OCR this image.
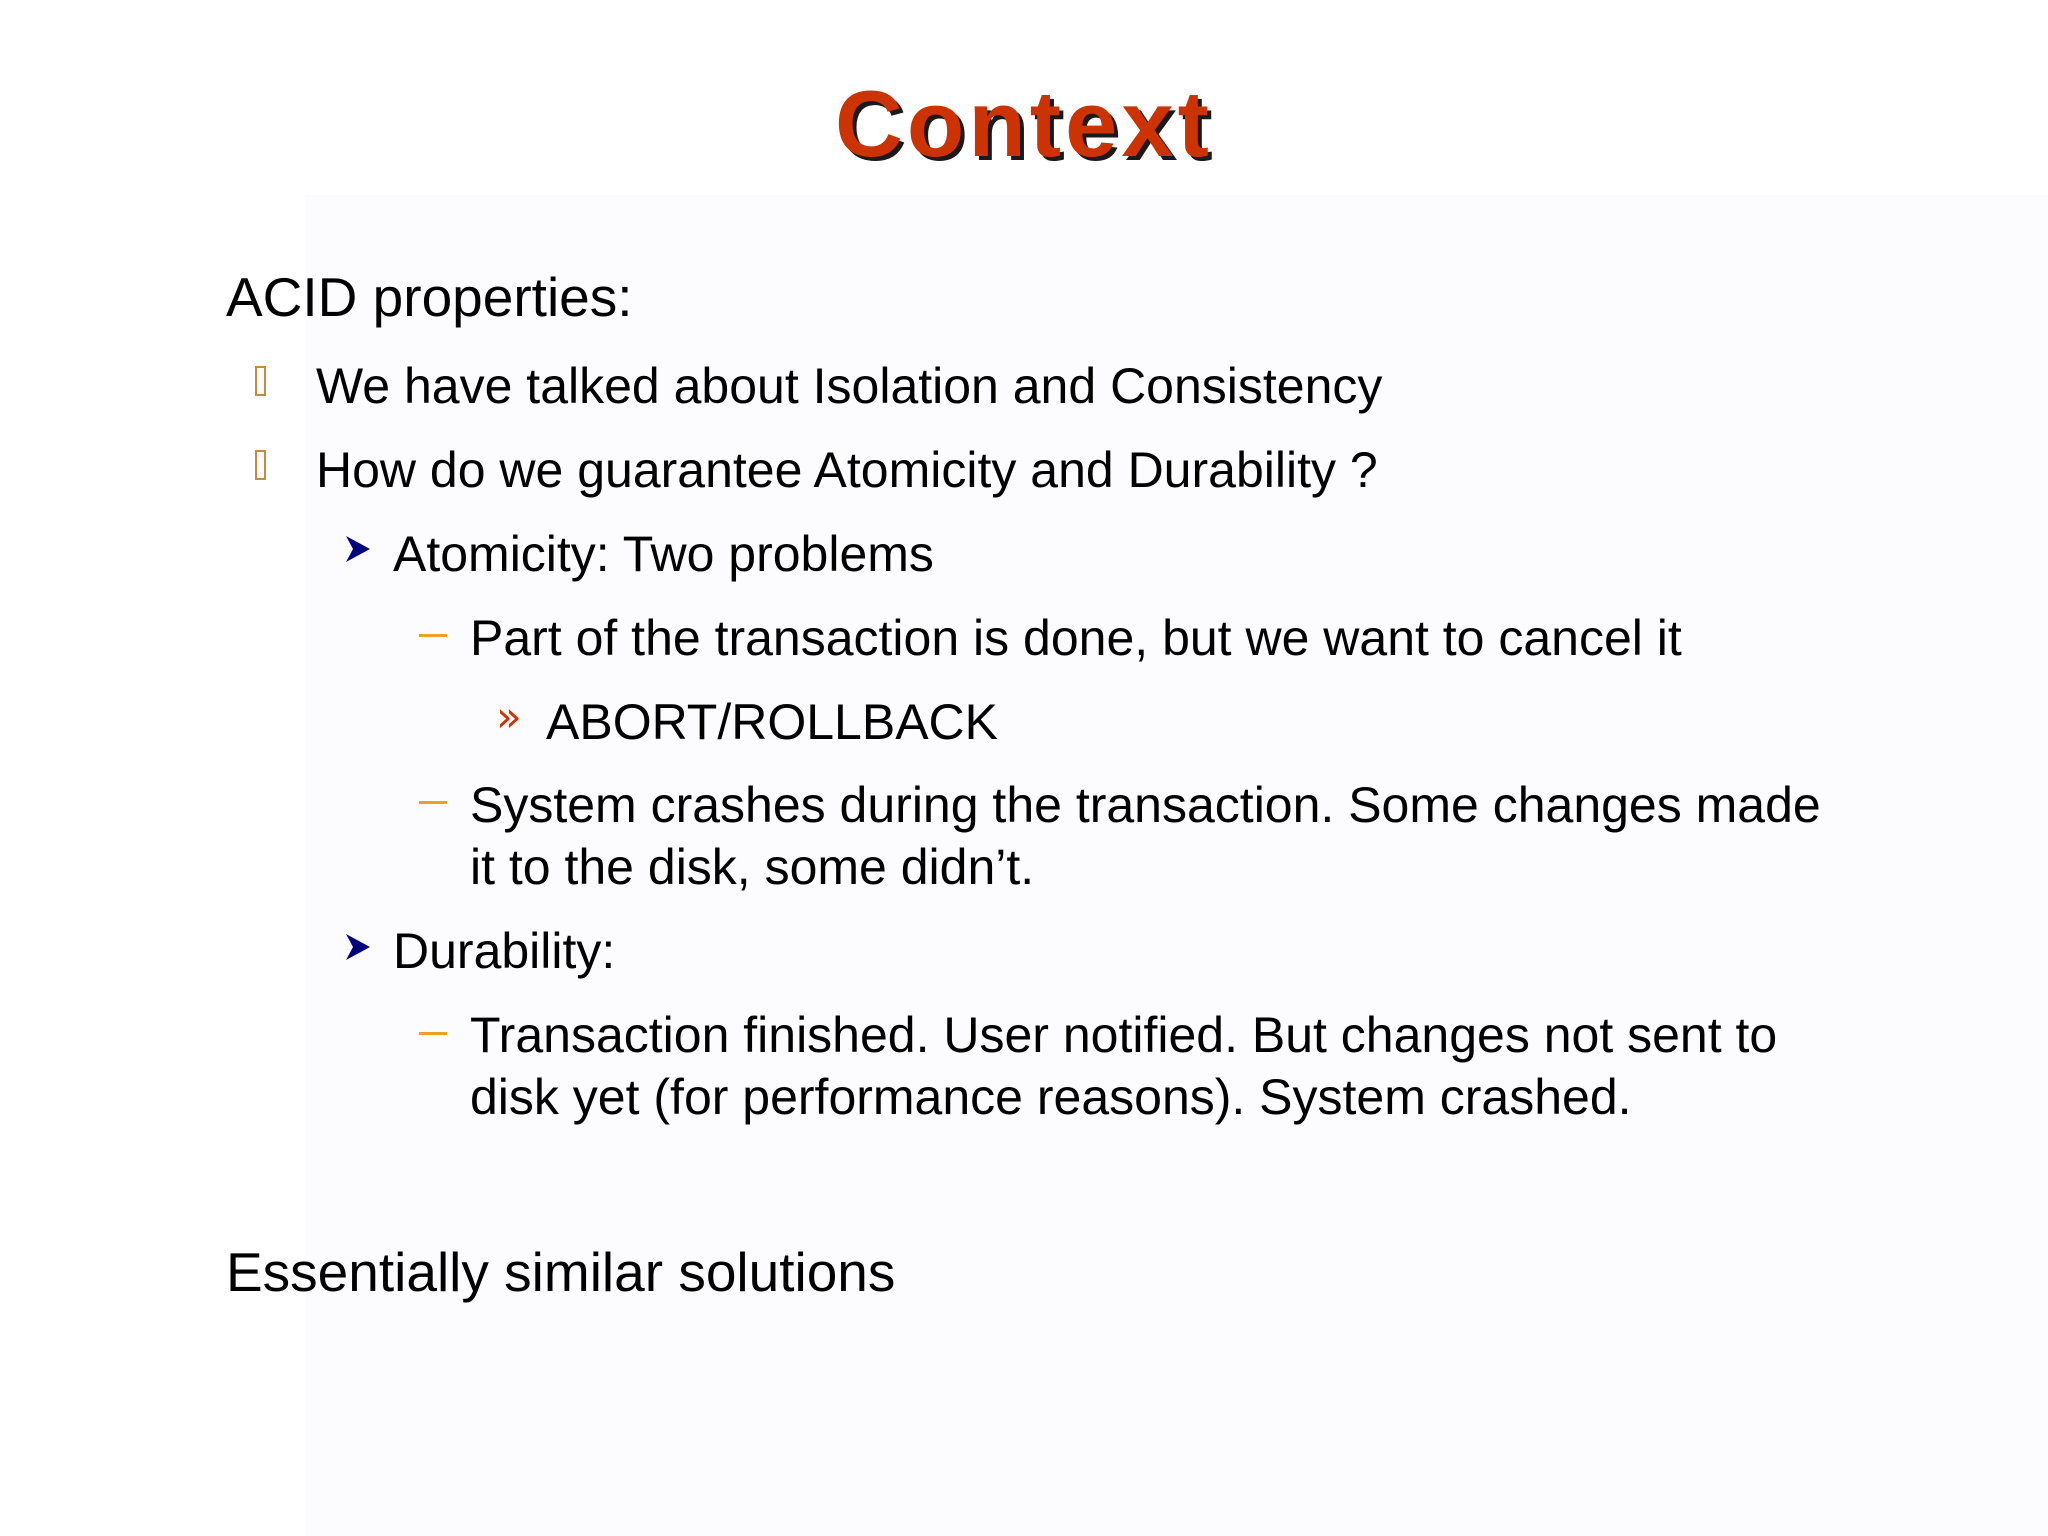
Context
ACID properties:
We have talked about Isolation and Consistency
How do we guarantee Atomicity and Durability ?
Atomicity: Two problems
Part of the transaction is done, but we want to cancel it
» ABORT/ROLLBACK
System crashes during the transaction. Some changes made
it to the disk, some didn’t.
Durability:
Transaction finished. User notified. But changes not sent to
disk yet (for performance reasons). System crashed.
Essentially similar solutions
